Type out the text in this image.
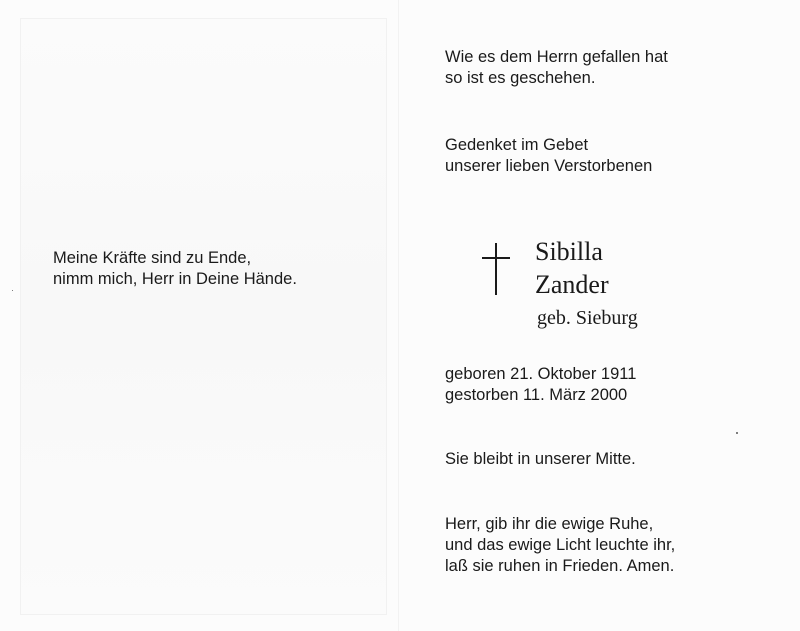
Meine Kräfte sind zu Ende,
nimm mich, Herr in Deine Hände.

Wie es dem Herrn gefallen hat
so ist es geschehen.

Gedenket im Gebet
unserer lieben Verstorbenen

Sibilla
Zander
geb. Sieburg

geboren 21. Oktober 1911
gestorben 11. März 2000

Sie bleibt in unserer Mitte.

Herr, gib ihr die ewige Ruhe,
und das ewige Licht leuchte ihr,
laß sie ruhen in Frieden. Amen.
